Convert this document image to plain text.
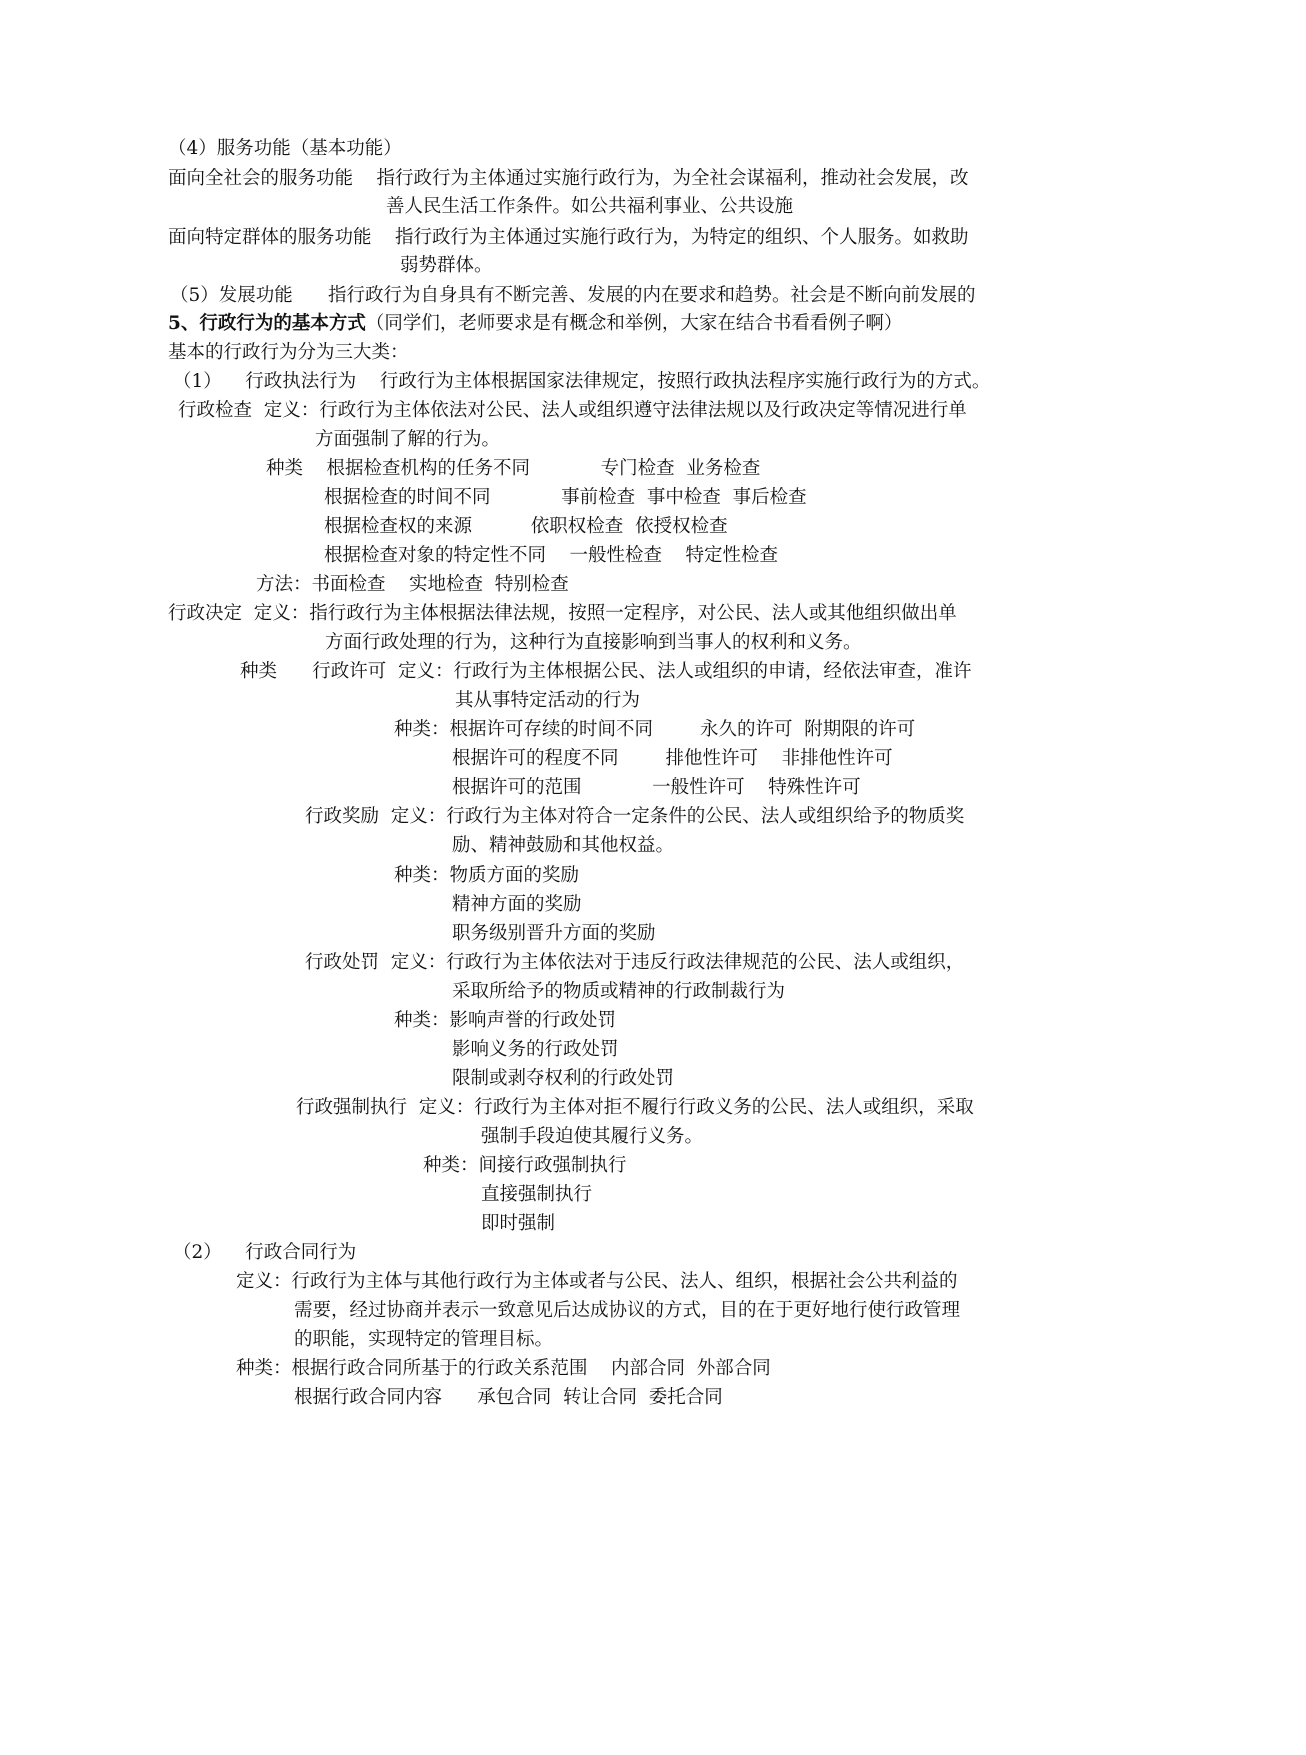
（4）服务功能（基本功能）
面向全社会的服务功能    指行政行为主体通过实施行政行为，为全社会谋福利，推动社会发展，改
善人民生活工作条件。如公共福利事业、公共设施
面向特定群体的服务功能    指行政行为主体通过实施行政行为，为特定的组织、个人服务。如救助
弱势群体。
（5）发展功能      指行政行为自身具有不断完善、发展的内在要求和趋势。社会是不断向前发展的
5、行政行为的基本方式（同学们，老师要求是有概念和举例，大家在结合书看看例子啊）
基本的行政行为分为三大类：
（1）    行政执法行为    行政行为主体根据国家法律规定，按照行政执法程序实施行政行为的方式。
行政检查  定义：行政行为主体依法对公民、法人或组织遵守法律法规以及行政决定等情况进行单
方面强制了解的行为。
种类    根据检查机构的任务不同            专门检查  业务检查
根据检查的时间不同            事前检查  事中检查  事后检查
根据检查权的来源          依职权检查  依授权检查
根据检查对象的特定性不同    一般性检查    特定性检查
方法：书面检查    实地检查  特别检查
行政决定  定义：指行政行为主体根据法律法规，按照一定程序，对公民、法人或其他组织做出单
方面行政处理的行为，这种行为直接影响到当事人的权利和义务。
种类      行政许可  定义：行政行为主体根据公民、法人或组织的申请，经依法审查，准许
其从事特定活动的行为
种类：根据许可存续的时间不同        永久的许可  附期限的许可
根据许可的程度不同        排他性许可    非排他性许可
根据许可的范围            一般性许可    特殊性许可
行政奖励  定义：行政行为主体对符合一定条件的公民、法人或组织给予的物质奖
励、精神鼓励和其他权益。
种类：物质方面的奖励
精神方面的奖励
职务级别晋升方面的奖励
行政处罚  定义：行政行为主体依法对于违反行政法律规范的公民、法人或组织，
采取所给予的物质或精神的行政制裁行为
种类：影响声誉的行政处罚
影响义务的行政处罚
限制或剥夺权利的行政处罚
行政强制执行  定义：行政行为主体对拒不履行行政义务的公民、法人或组织，采取
强制手段迫使其履行义务。
种类：间接行政强制执行
直接强制执行
即时强制
（2）    行政合同行为
定义：行政行为主体与其他行政行为主体或者与公民、法人、组织，根据社会公共利益的
需要，经过协商并表示一致意见后达成协议的方式，目的在于更好地行使行政管理
的职能，实现特定的管理目标。
种类：根据行政合同所基于的行政关系范围    内部合同  外部合同
根据行政合同内容      承包合同  转让合同  委托合同
